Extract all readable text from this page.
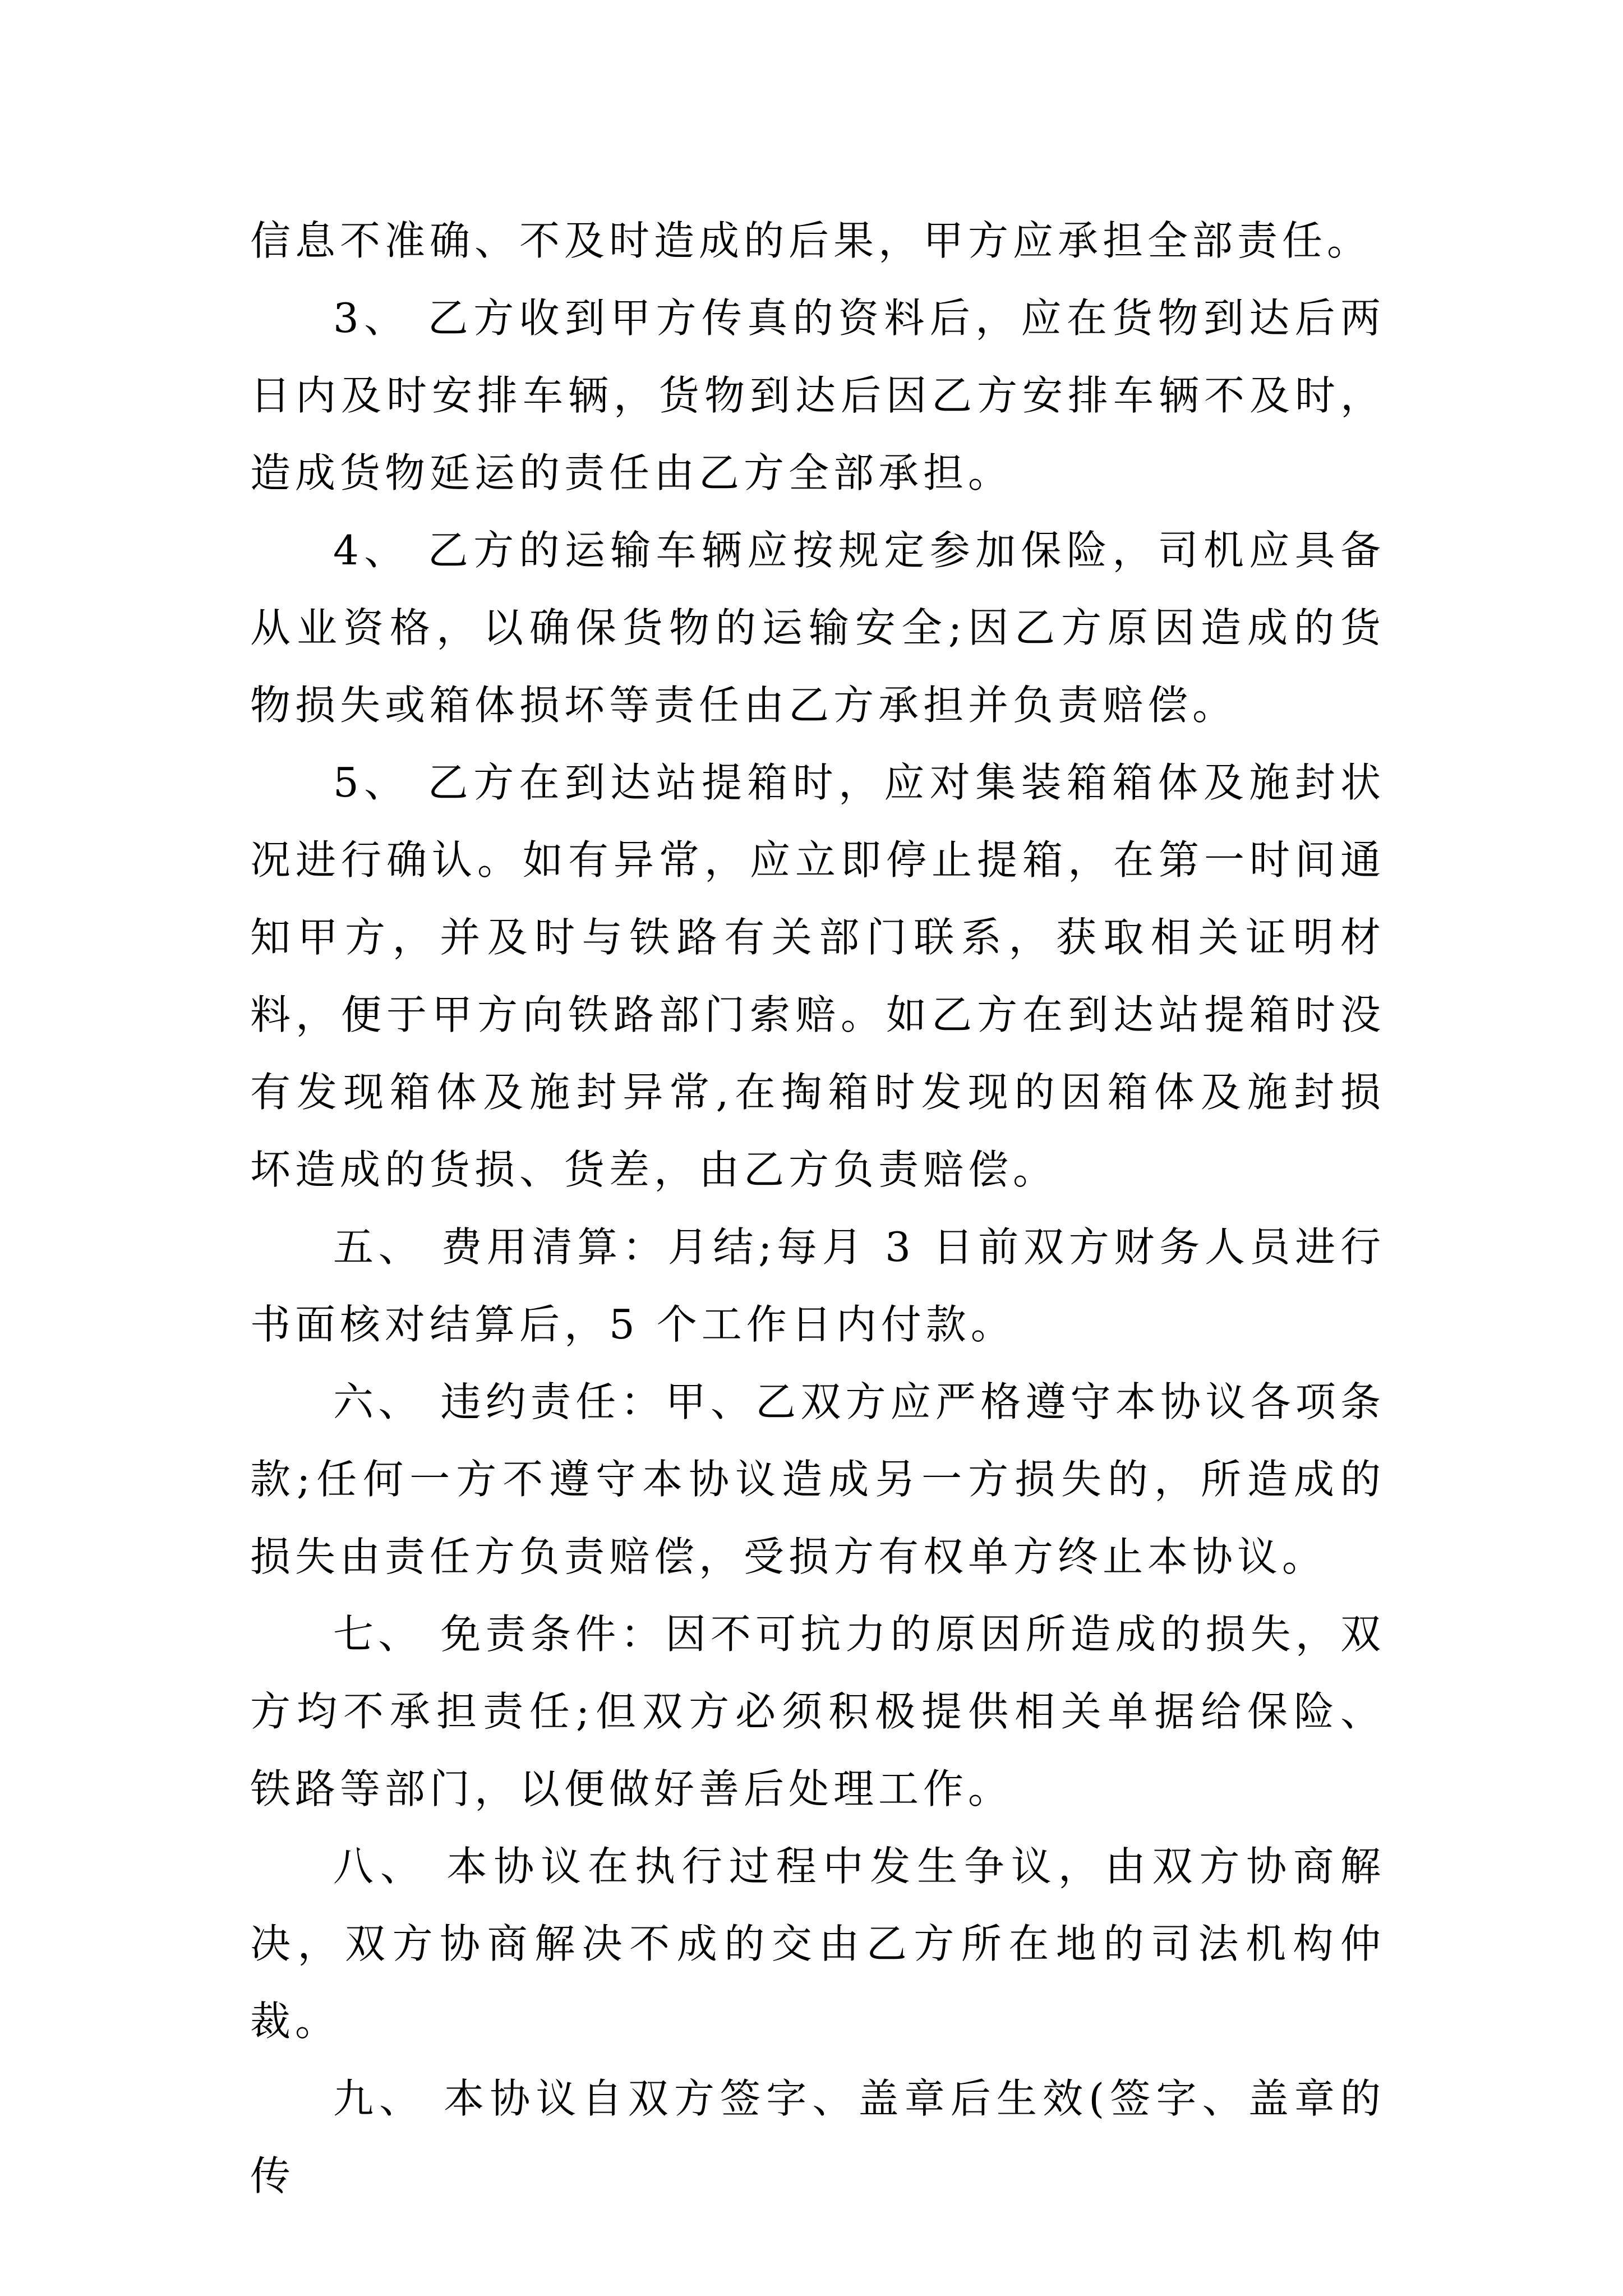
信息不准确、不及时造成的后果，甲方应承担全部责任。

3、 乙方收到甲方传真的资料后，应在货物到达后两日内及时安排车辆，货物到达后因乙方安排车辆不及时，造成货物延运的责任由乙方全部承担。

4、 乙方的运输车辆应按规定参加保险，司机应具备从业资格，以确保货物的运输安全;因乙方原因造成的货物损失或箱体损坏等责任由乙方承担并负责赔偿。

5、 乙方在到达站提箱时，应对集装箱箱体及施封状况进行确认。如有异常，应立即停止提箱，在第一时间通知甲方，并及时与铁路有关部门联系，获取相关证明材料，便于甲方向铁路部门索赔。如乙方在到达站提箱时没有发现箱体及施封异常,在掏箱时发现的因箱体及施封损坏造成的货损、货差，由乙方负责赔偿。

五、 费用清算：月结;每月 3 日前双方财务人员进行书面核对结算后，5 个工作日内付款。

六、 违约责任：甲、乙双方应严格遵守本协议各项条款;任何一方不遵守本协议造成另一方损失的，所造成的损失由责任方负责赔偿，受损方有权单方终止本协议。

七、 免责条件：因不可抗力的原因所造成的损失，双方均不承担责任;但双方必须积极提供相关单据给保险、铁路等部门，以便做好善后处理工作。

八、 本协议在执行过程中发生争议，由双方协商解决，双方协商解决不成的交由乙方所在地的司法机构仲裁。

九、 本协议自双方签字、盖章后生效(签字、盖章的传
